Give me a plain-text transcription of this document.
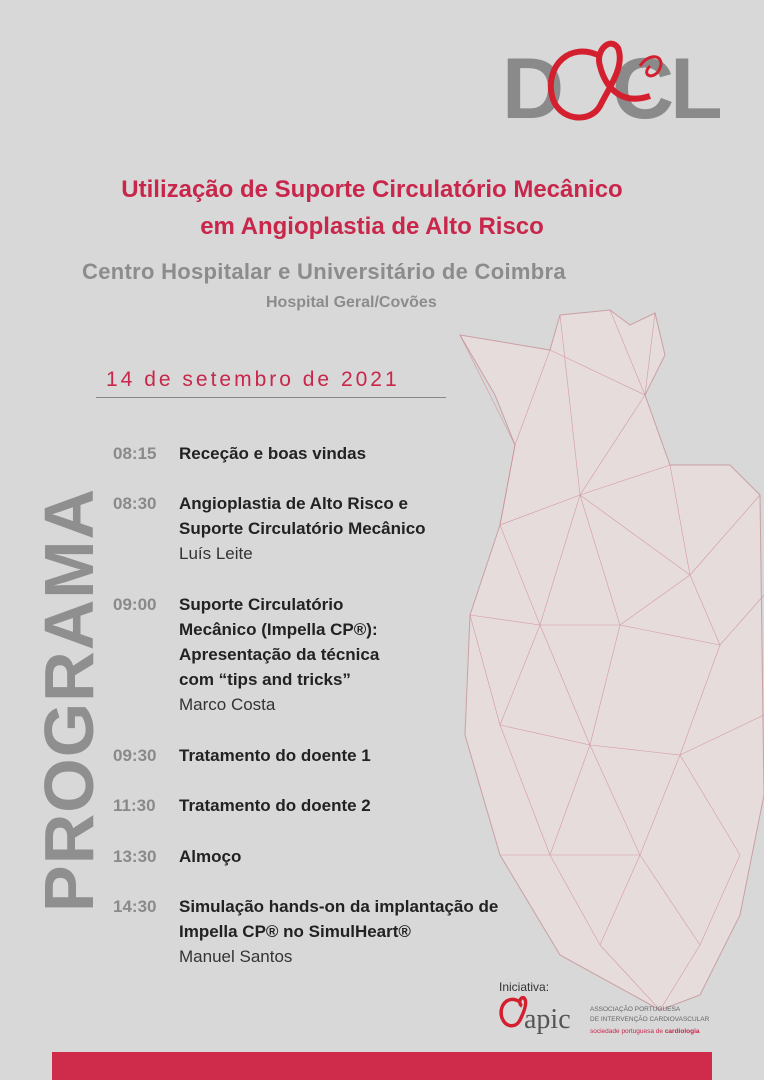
D CL
Utilização de Suporte Circulatório Mecânico
em Angioplastia de Alto Risco
Centro Hospitalar e Universitário de Coimbra
Hospital Geral/Covões
14 de setembro de 2021
PROGRAMA
08:15	Receção e boas vindas
08:30	Angioplastia de Alto Risco e
Suporte Circulatório Mecânico
Luís Leite
09:00	Suporte Circulatório
Mecânico (Impella CP®):
Apresentação da técnica
com “tips and tricks”
Marco Costa
09:30	Tratamento do doente 1
11:30	Tratamento do doente 2
13:30	Almoço
14:30	Simulação hands-on da implantação de
Impella CP® no SimulHeart®
Manuel Santos
Iniciativa:
apic	ASSOCIAÇÃO PORTUGUESA
DE INTERVENÇÃO CARDIOVASCULAR
sociedade portuguesa de cardiologia
